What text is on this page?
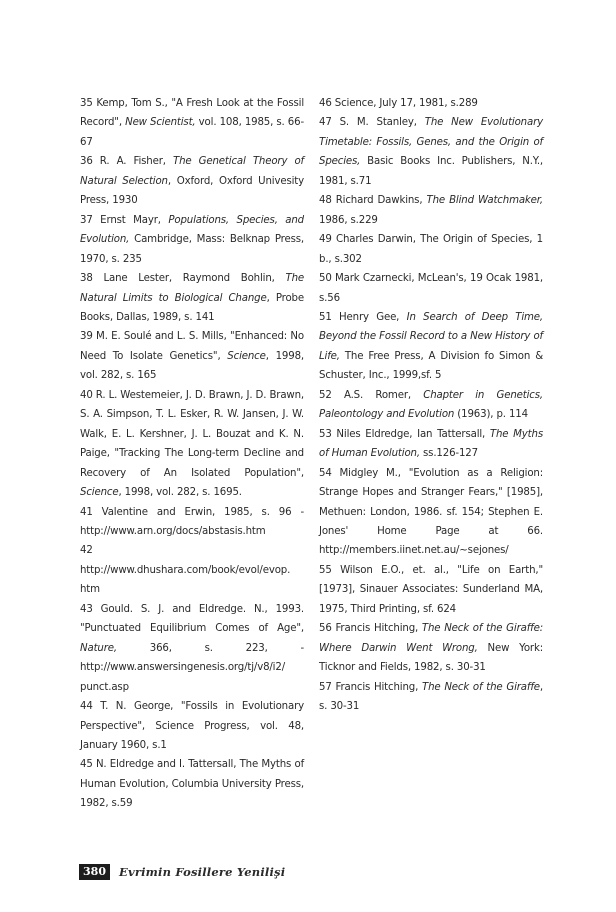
35 Kemp, Tom S., "A Fresh Look at the Fossil Record", New Scientist, vol. 108, 1985, s. 66-67

36 R. A. Fisher, The Genetical Theory of Natural Selection, Oxford, Oxford Univesity Press, 1930

37 Ernst Mayr, Populations, Species, and Evolution, Cambridge, Mass: Belknap Press, 1970, s. 235

38 Lane Lester, Raymond Bohlin, The Natural Limits to Biological Change, Probe Books, Dallas, 1989, s. 141

39 M. E. Soulé and L. S. Mills, "Enhanced: No Need To Isolate Genetics", Science, 1998, vol. 282, s. 165

40 R. L. Westemeier, J. D. Brawn, J. D. Brawn, S. A. Simpson, T. L. Esker, R. W. Jansen, J. W. Walk, E. L. Kershner, J. L. Bouzat and K. N. Paige, "Tracking The Long-term Decline and Recovery of An Isolated Population", Science, 1998, vol. 282, s. 1695.

41 Valentine and Erwin, 1985, s. 96 - http://www.arn.org/docs/abstasis.htm

42 http://www.dhushara.com/book/evol/evop.​htm

43 Gould. S. J. and Eldredge. N., 1993. "Punctuated Equilibrium Comes of Age", Nature, 366, s. 223, - http://www.answersingenesis.org/tj/v8/i2/​punct.asp

44 T. N. George, "Fossils in Evolutionary Perspective", Science Progress, vol. 48, January 1960, s.1

45 N. Eldredge and I. Tattersall, The Myths of Human Evolution, Columbia University Press, 1982, s.59

46 Science, July 17, 1981, s.289

47 S. M. Stanley, The New Evolutionary Timetable: Fossils, Genes, and the Origin of Species, Basic Books Inc. Publishers, N.Y., 1981, s.71

48 Richard Dawkins, The Blind Watchmaker, 1986, s.229

49 Charles Darwin, The Origin of Species, 1 b., s.302

50 Mark Czarnecki, McLean's, 19 Ocak 1981, s.56

51 Henry Gee, In Search of Deep Time, Beyond the Fossil Record to a New History of Life, The Free Press, A Division fo Simon & Schuster, Inc., 1999,sf. 5

52 A.S. Romer, Chapter in Genetics, Paleontology and Evolution (1963), p. 114

53 Niles Eldredge, Ian Tattersall, The Myths of Human Evolution, ss.126-127

54 Midgley M., "Evolution as a Religion: Strange Hopes and Stranger Fears," [1985], Methuen: London, 1986. sf. 154; Stephen E. Jones' Home Page at 66. http://members.iinet.net.au/~sejones/

55 Wilson E.O., et. al., "Life on Earth," [1973], Sinauer Associates: Sunderland MA, 1975, Third Printing, sf. 624

56 Francis Hitching, The Neck of the Giraffe: Where Darwin Went Wrong, New York: Ticknor and Fields, 1982, s. 30-31

57 Francis Hitching, The Neck of the Giraffe, s. 30-31

380	Evrimin Fosillere Yenilişi
